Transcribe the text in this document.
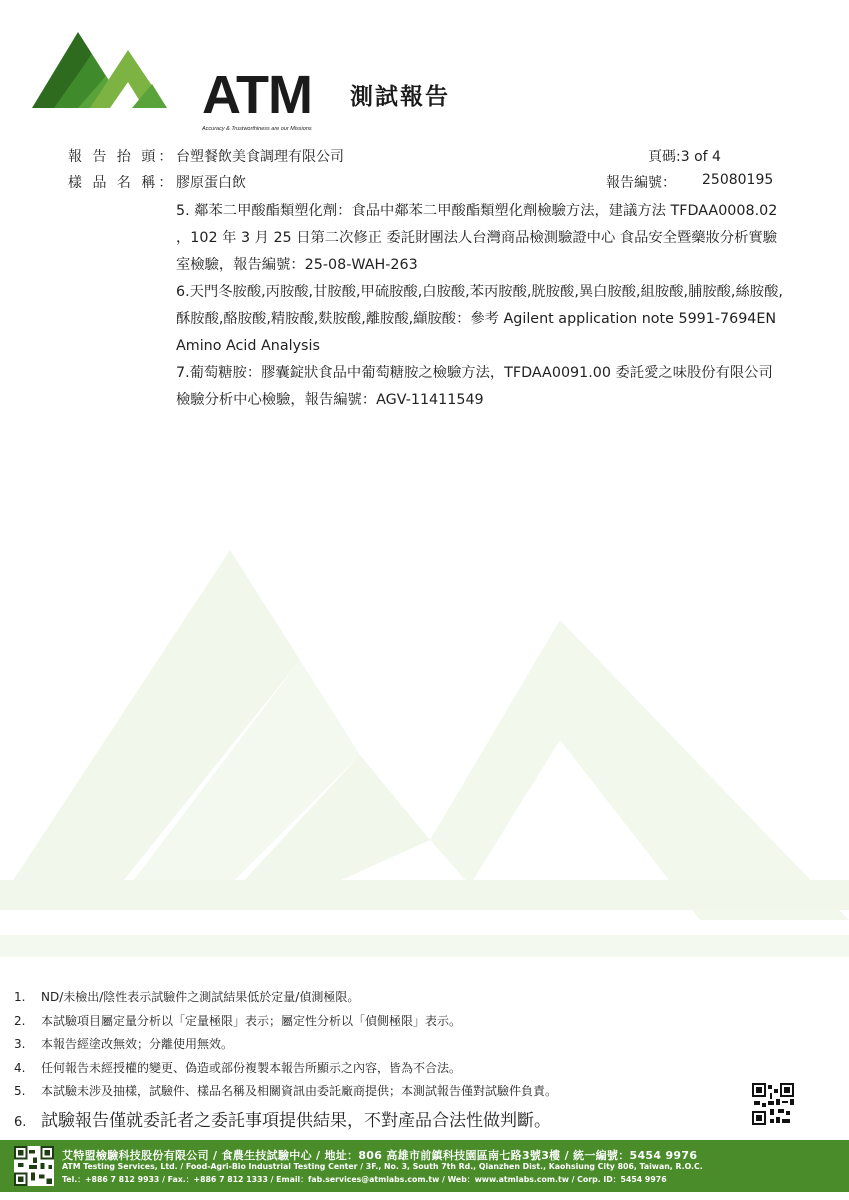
ATM
Accuracy & Trustworthiness are our Missions
測試報告
報 告 抬 頭： 台塑餐飲美食調理有限公司	頁碼:3 of 4
樣 品 名 稱： 膠原蛋白飲	報告編號： 25080195

5. 鄰苯二甲酸酯類塑化劑：食品中鄰苯二甲酸酯類塑化劑檢驗方法，建議方法 TFDAA0008.02 ，102 年 3 月 25 日第二次修正 委託財團法人台灣商品檢測驗證中心 食品安全暨藥妝分析實驗室檢驗，報告編號：25-08-WAH-263

6.天門冬胺酸,丙胺酸,甘胺酸,甲硫胺酸,白胺酸,苯丙胺酸,胱胺酸,異白胺酸,組胺酸,脯胺酸,絲胺酸,酥胺酸,酪胺酸,精胺酸,麩胺酸,離胺酸,纈胺酸：參考 Agilent application note 5991-7694EN Amino Acid Analysis

7.葡萄糖胺：膠囊錠狀食品中葡萄糖胺之檢驗方法，TFDAA0091.00 委託愛之味股份有限公司 檢驗分析中心檢驗，報告編號：AGV-11411549

1. ND/未檢出/陰性表示試驗件之測試結果低於定量/偵測極限。
2. 本試驗項目屬定量分析以「定量極限」表示；屬定性分析以「偵側極限」表示。
3. 本報告經塗改無效；分離使用無效。
4. 任何報告未經授權的變更、偽造或部份複製本報告所顯示之內容，皆為不合法。
5. 本試驗未涉及抽樣，試驗件、樣品名稱及相關資訊由委託廠商提供；本測試報告僅對試驗件負責。
6. 試驗報告僅就委託者之委託事項提供結果，不對產品合法性做判斷。
艾特盟檢驗科技股份有限公司 / 食農生技試驗中心 / 地址：806 高雄市前鎮科技園區南七路3號3樓 / 統一編號：5454 9976
ATM Testing Services, Ltd. / Food-Agri-Bio Industrial Testing Center / 3F., No. 3, South 7th Rd., Qianzhen Dist., Kaohsiung City 806, Taiwan, R.O.C.
Tel.：+886 7 812 9933 / Fax.：+886 7 812 1333 / Email：fab.services@atmlabs.com.tw / Web：www.atmlabs.com.tw / Corp. ID：5454 9976
